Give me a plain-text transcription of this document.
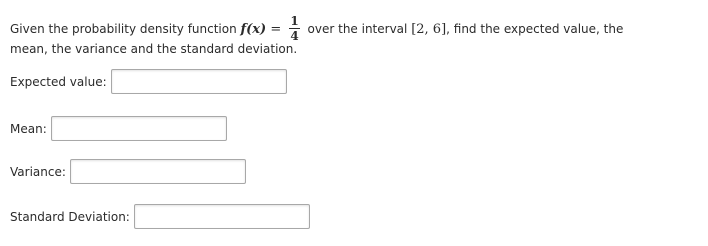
Given the probability density function $f(x) = \frac{1}{4}$ over the interval [2, 6], find the expected value, the
mean, the variance and the standard deviation.
Expected value:
Mean:
Variance:
Standard Deviation:
